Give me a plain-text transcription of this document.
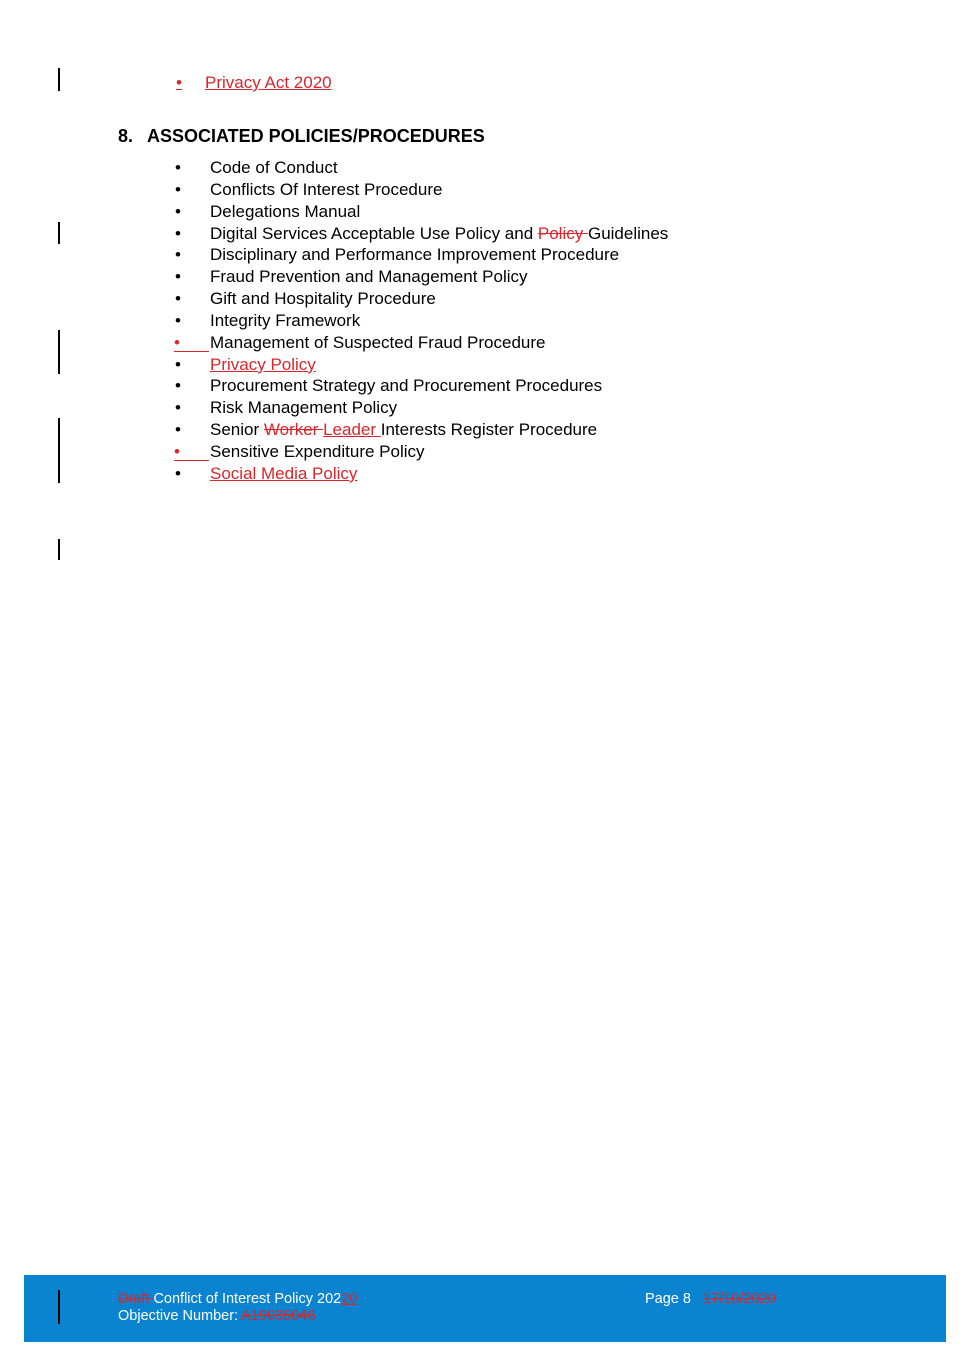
• Privacy Act 2020
8. ASSOCIATED POLICIES/PROCEDURES
• Code of Conduct
• Conflicts Of Interest Procedure
• Delegations Manual
• Digital Services Acceptable Use Policy and Policy Guidelines
• Disciplinary and Performance Improvement Procedure
• Fraud Prevention and Management Policy
• Gift and Hospitality Procedure
• Integrity Framework
•	Management of Suspected Fraud Procedure
• Privacy Policy
• Procurement Strategy and Procurement Procedures
• Risk Management Policy
• Senior Worker Leader Interests Register Procedure
•	Sensitive Expenditure Policy
• Social Media Policy
Draft Conflict of Interest Policy 20220
Objective Number: A19035046
Page 8 17/10/2020
